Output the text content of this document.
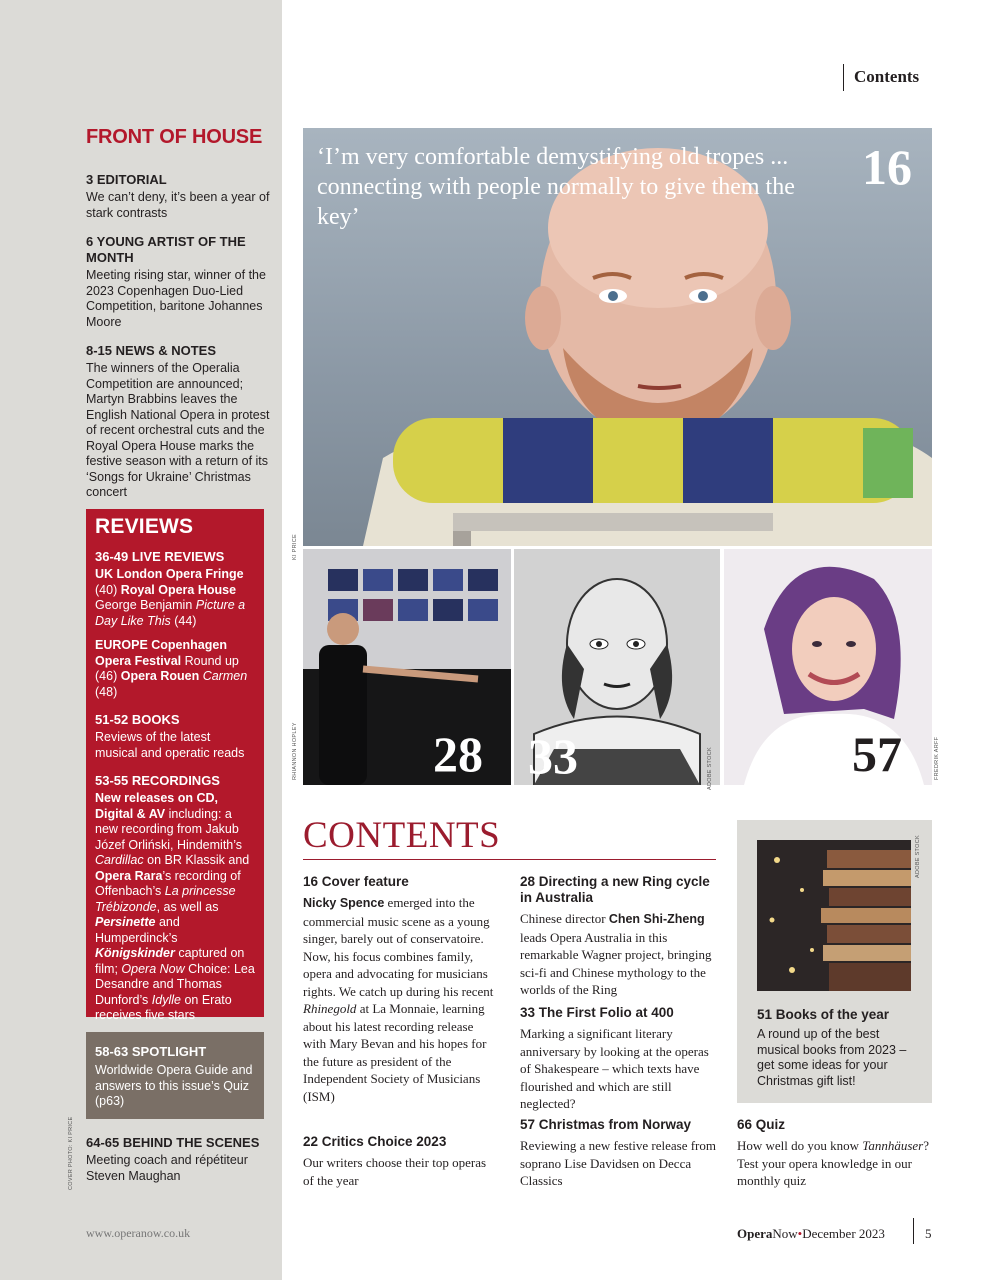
FRONT OF HOUSE
3 EDITORIAL
We can’t deny, it’s been a year of stark contrasts
6 YOUNG ARTIST OF THE MONTH
Meeting rising star, winner of the 2023 Copenhagen Duo-Lied Competition, baritone Johannes Moore
8-15 NEWS & NOTES
The winners of the Operalia Competition are announced; Martyn Brabbins leaves the English National Opera in protest of recent orchestral cuts and the Royal Opera House marks the festive season with a return of its ‘Songs for Ukraine’ Christmas concert
REVIEWS
36-49 LIVE REVIEWS
UK London Opera Fringe (40) Royal Opera House George Benjamin Picture a Day Like This (44)
EUROPE Copenhagen Opera Festival Round up (46) Opera Rouen Carmen (48)
51-52 BOOKS
Reviews of the latest musical and operatic reads
53-55 RECORDINGS
New releases on CD, Digital & AV including: a new recording from Jakub Józef Orliński, Hindemith’s Cardillac on BR Klassik and Opera Rara’s recording of Offenbach’s La princesse Trébizonde, as well as Persinette and Humperdinck’s Königskinder captured on film; Opera Now Choice: Lea Desandre and Thomas Dunford’s Idylle on Erato receives five stars
58-63 SPOTLIGHT
Worldwide Opera Guide and answers to this issue’s Quiz (p63)
64-65 BEHIND THE SCENES
Meeting coach and répétiteur Steven Maughan
COVER PHOTO: KI PRICE
www.operanow.co.uk
Contents
‘I’m very comfortable demystifying old tropes ... connecting with people normally to give them the key’
16
KI PRICE
28
RHIANNON HOPLEY	33	ADOBE STOCK	57	FREDRIK ARFF
CONTENTS
16 Cover feature
Nicky Spence emerged into the commercial music scene as a young singer, barely out of conservatoire. Now, his focus combines family, opera and advocating for musicians rights. We catch up during his recent Rhinegold at La Monnaie, learning about his latest recording release with Mary Bevan and his hopes for the future as president of the Independent Society of Musicians (ISM)
22 Critics Choice 2023
Our writers choose their top operas of the year
28 Directing a new Ring cycle in Australia
Chinese director Chen Shi-Zheng leads Opera Australia in this remarkable Wagner project, bringing sci-fi and Chinese mythology to the worlds of the Ring
33 The First Folio at 400
Marking a significant literary anniversary by looking at the operas of Shakespeare – which texts have flourished and which are still neglected?
57 Christmas from Norway
Reviewing a new festive release from soprano Lise Davidsen on Decca Classics
51 Books of the year
A round up of the best musical books from 2023 – get some ideas for your Christmas gift list!
ADOBE STOCK
66 Quiz
How well do you know Tannhäuser? Test your opera knowledge in our monthly quiz
OperaNow•December 2023	5
